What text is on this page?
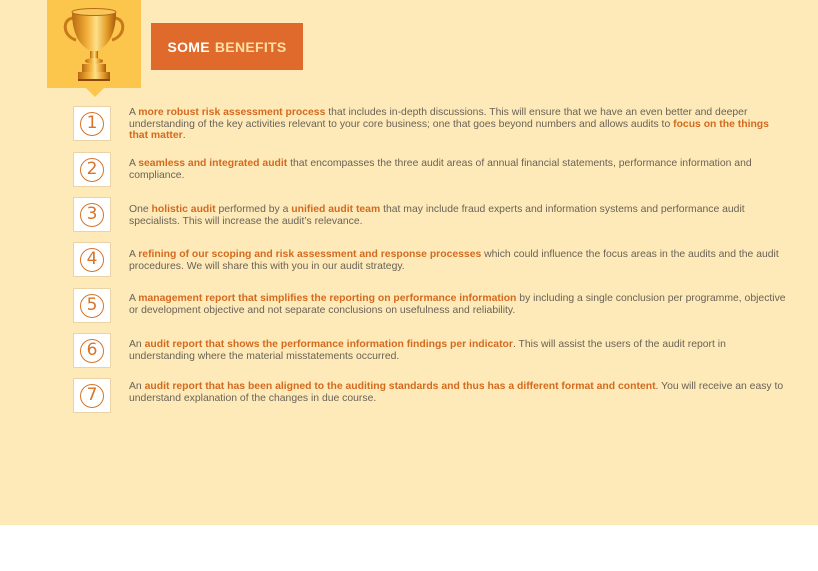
SOME BENEFITS
1	A more robust risk assessment process that includes in-depth discussions. This will ensure that we have an even better and deeper understanding of the key activities relevant to your core business; one that goes beyond numbers and allows audits to focus on the things that matter.
2	A seamless and integrated audit that encompasses the three audit areas of annual financial statements, performance information and compliance.
3	One holistic audit performed by a unified audit team that may include fraud experts and information systems and performance audit specialists. This will increase the audit’s relevance.
4	A refining of our scoping and risk assessment and response processes which could influence the focus areas in the audits and the audit procedures. We will share this with you in our audit strategy.
5	A management report that simplifies the reporting on performance information by including a single conclusion per programme, objective or development objective and not separate conclusions on usefulness and reliability.
6	An audit report that shows the performance information findings per indicator. This will assist the users of the audit report in understanding where the material misstatements occurred.
7	An audit report that has been aligned to the auditing standards and thus has a different format and content. You will receive an easy to understand explanation of the changes in due course.
